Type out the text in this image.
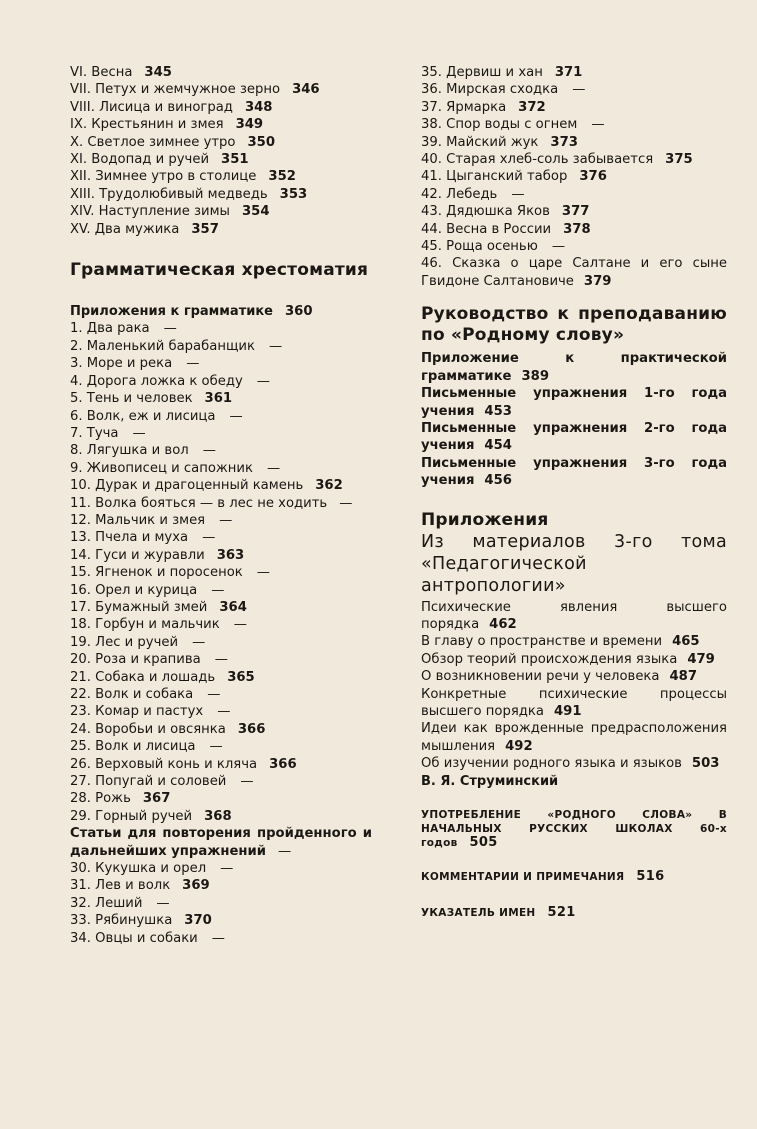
VI. Весна 345
VII. Петух и жемчужное зерно 346
VIII. Лисица и виноград 348
IX. Крестьянин и змея 349
X. Светлое зимнее утро 350
XI. Водопад и ручей 351
XII. Зимнее утро в столице 352
XIII. Трудолюбивый медведь 353
XIV. Наступление зимы 354
XV. Два мужика 357
Грамматическая хрестоматия
Приложения к грамматике 360
1. Два рака —
2. Маленький барабанщик —
3. Море и река —
4. Дорога ложка к обеду —
5. Тень и человек 361
6. Волк, еж и лисица —
7. Туча —
8. Лягушка и вол —
9. Живописец и сапожник —
10. Дурак и драгоценный камень 362
11. Волка бояться — в лес не ходить —
12. Мальчик и змея —
13. Пчела и муха —
14. Гуси и журавли 363
15. Ягненок и поросенок —
16. Орел и курица —
17. Бумажный змей 364
18. Горбун и мальчик —
19. Лес и ручей —
20. Роза и крапива —
21. Собака и лошадь 365
22. Волк и собака —
23. Комар и пастух —
24. Воробьи и овсянка 366
25. Волк и лисица —
26. Верховый конь и кляча 366
27. Попугай и соловей —
28. Рожь 367
29. Горный ручей 368
Статьи для повторения пройденного и дальнейших упражнений —
30. Кукушка и орел —
31. Лев и волк 369
32. Леший —
33. Рябинушка 370
34. Овцы и собаки —
35. Дервиш и хан 371
36. Мирская сходка —
37. Ярмарка 372
38. Спор воды с огнем —
39. Майский жук 373
40. Старая хлеб-соль забывается 375
41. Цыганский табор 376
42. Лебедь —
43. Дядюшка Яков 377
44. Весна в России 378
45. Роща осенью —
46. Сказка о царе Салтане и его сыне Гвидоне Салтановиче 379
Руководство к преподаванию по «Родному слову»
Приложение к практической грамматике 389
Письменные упражнения 1-го года учения 453
Письменные упражнения 2-го года учения 454
Письменные упражнения 3-го года учения 456
Приложения
Из материалов 3-го тома «Педагогической антропологии»
Психические явления высшего порядка 462
В главу о пространстве и времени 465
Обзор теорий происхождения языка 479
О возникновении речи у человека 487
Конкретные психические процессы высшего порядка 491
Идеи как врожденные предрасположения мышления 492
Об изучении родного языка и языков 503
В. Я. Струминский
УПОТРЕБЛЕНИЕ «РОДНОГО СЛОВА» В НАЧАЛЬНЫХ РУССКИХ ШКОЛАХ 60-х годов 505
КОММЕНТАРИИ И ПРИМЕЧАНИЯ 516
УКАЗАТЕЛЬ ИМЕН 521
